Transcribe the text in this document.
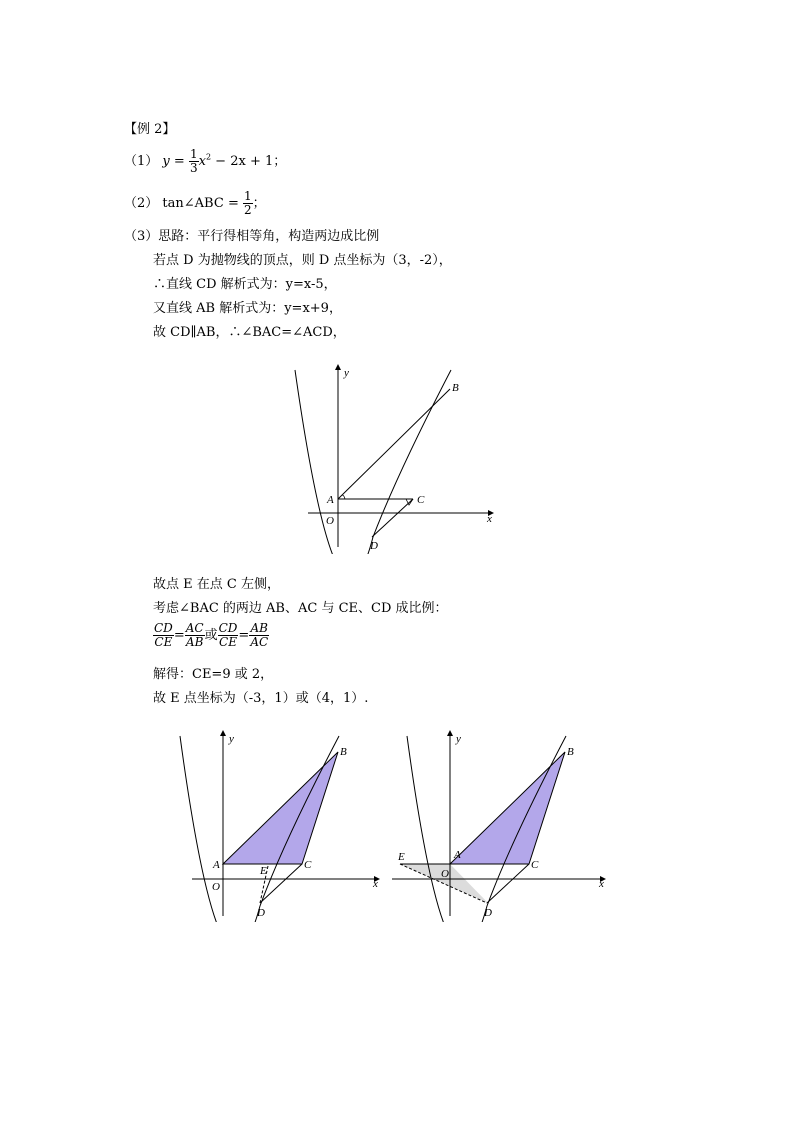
【例 2】
（1） $y = \frac{1}{3} x^2 - 2x + 1$；
（2） tan∠ABC = $\frac{1}{2}$ ；
（3）思路：平行得相等角，构造两边成比例
若点 D 为抛物线的顶点，则 D 点坐标为（3，-2），
∴直线 CD 解析式为：y=x-5，
又直线 AB 解析式为：y=x+9，
故 CD∥AB，∴∠BAC=∠ACD，
y
x
B
A	C
O
D
故点 E 在点 C 左侧，
考虑∠BAC 的两边 AB、AC 与 CE、CD 成比例：
$\frac{CD}{CE} = \frac{AC}{AB}$ 或 $\frac{CD}{CE} = \frac{AB}{AC}$
解得：CE=9 或 2，
故 E 点坐标为（-3，1）或（4，1）.
y
x
B
A	C
E
O
D
y
x
B
A
C
E
O
D
